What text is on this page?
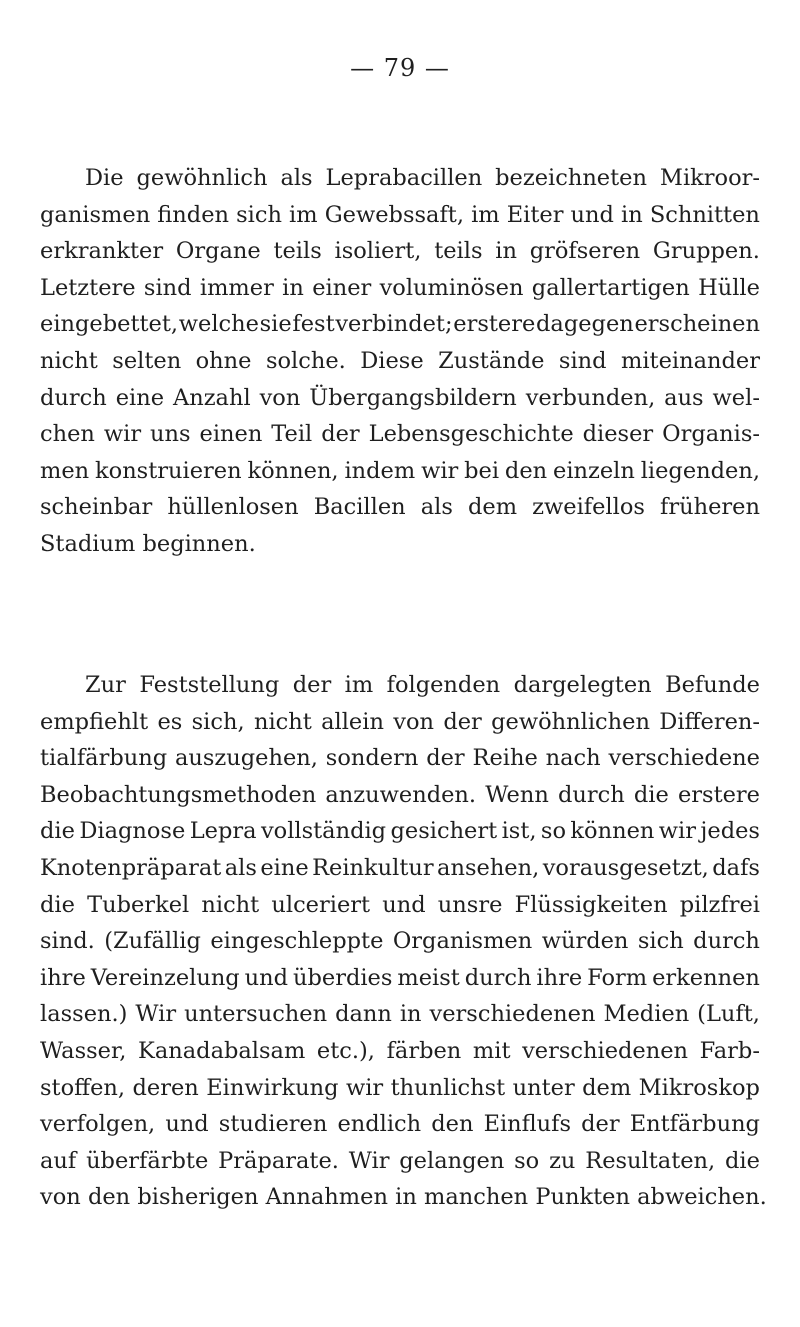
— 79 —
Die gewöhnlich als Leprabacillen bezeichneten Mikroor-
ganismen finden sich im Gewebssaft, im Eiter und in Schnitten
erkrankter Organe teils isoliert, teils in gröfseren Gruppen.
Letztere sind immer in einer voluminösen gallertartigen Hülle
eingebettet, welche sie fest verbindet; erstere dagegen erscheinen
nicht selten ohne solche. Diese Zustände sind miteinander
durch eine Anzahl von Übergangsbildern verbunden, aus wel-
chen wir uns einen Teil der Lebensgeschichte dieser Organis-
men konstruieren können, indem wir bei den einzeln liegenden,
scheinbar hüllenlosen Bacillen als dem zweifellos früheren
Stadium beginnen.
Zur Feststellung der im folgenden dargelegten Befunde
empfiehlt es sich, nicht allein von der gewöhnlichen Differen-
tialfärbung auszugehen, sondern der Reihe nach verschiedene
Beobachtungsmethoden anzuwenden. Wenn durch die erstere
die Diagnose Lepra vollständig gesichert ist, so können wir jedes
Knotenpräparat als eine Reinkultur ansehen, vorausgesetzt, dafs
die Tuberkel nicht ulceriert und unsre Flüssigkeiten pilzfrei
sind. (Zufällig eingeschleppte Organismen würden sich durch
ihre Vereinzelung und überdies meist durch ihre Form erkennen
lassen.) Wir untersuchen dann in verschiedenen Medien (Luft,
Wasser, Kanadabalsam etc.), färben mit verschiedenen Farb-
stoffen, deren Einwirkung wir thunlichst unter dem Mikroskop
verfolgen, und studieren endlich den Einflufs der Entfärbung
auf überfärbte Präparate. Wir gelangen so zu Resultaten, die
von den bisherigen Annahmen in manchen Punkten abweichen.
